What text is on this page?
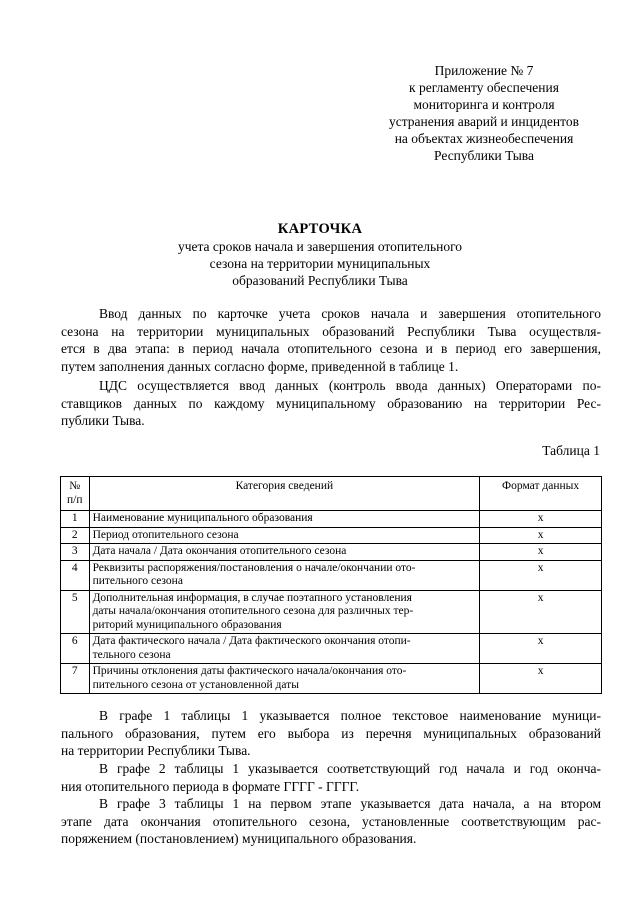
Приложение № 7
к регламенту обеспечения
мониторинга и контроля
устранения аварий и инцидентов
на объектах жизнеобеспечения
Республики Тыва
КАРТОЧКА
учета сроков начала и завершения отопительного
сезона на территории муниципальных
образований Республики Тыва
Ввод данных по карточке учета сроков начала и завершения отопительного
сезона на территории муниципальных образований Республики Тыва осуществля-
ется в два этапа: в период начала отопительного сезона и в период его завершения,
путем заполнения данных согласно форме, приведенной в таблице 1.
ЦДС осуществляется ввод данных (контроль ввода данных) Операторами по-
ставщиков данных по каждому муниципальному образованию на территории Рес-
публики Тыва.
Таблица 1
№ п/п	Категория сведений	Формат данных
1	Наименование муниципального образования	x
2	Период отопительного сезона	x
3	Дата начала / Дата окончания отопительного сезона	x
4	Реквизиты распоряжения/постановления о начале/окончании ото-
пительного сезона	x
5	Дополнительная информация, в случае поэтапного установления
даты начала/окончания отопительного сезона для различных тер-
риторий муниципального образования	x
6	Дата фактического начала / Дата фактического окончания отопи-
тельного сезона	x
7	Причины отклонения даты фактического начала/окончания ото-
пительного сезона от установленной даты	x
В графе 1 таблицы 1 указывается полное текстовое наименование муници-
пального образования, путем его выбора из перечня муниципальных образований
на территории Республики Тыва.
В графе 2 таблицы 1 указывается соответствующий год начала и год оконча-
ния отопительного периода в формате ГГГГ - ГГГГ.
В графе 3 таблицы 1 на первом этапе указывается дата начала, а на втором
этапе дата окончания отопительного сезона, установленные соответствующим рас-
поряжением (постановлением) муниципального образования.
